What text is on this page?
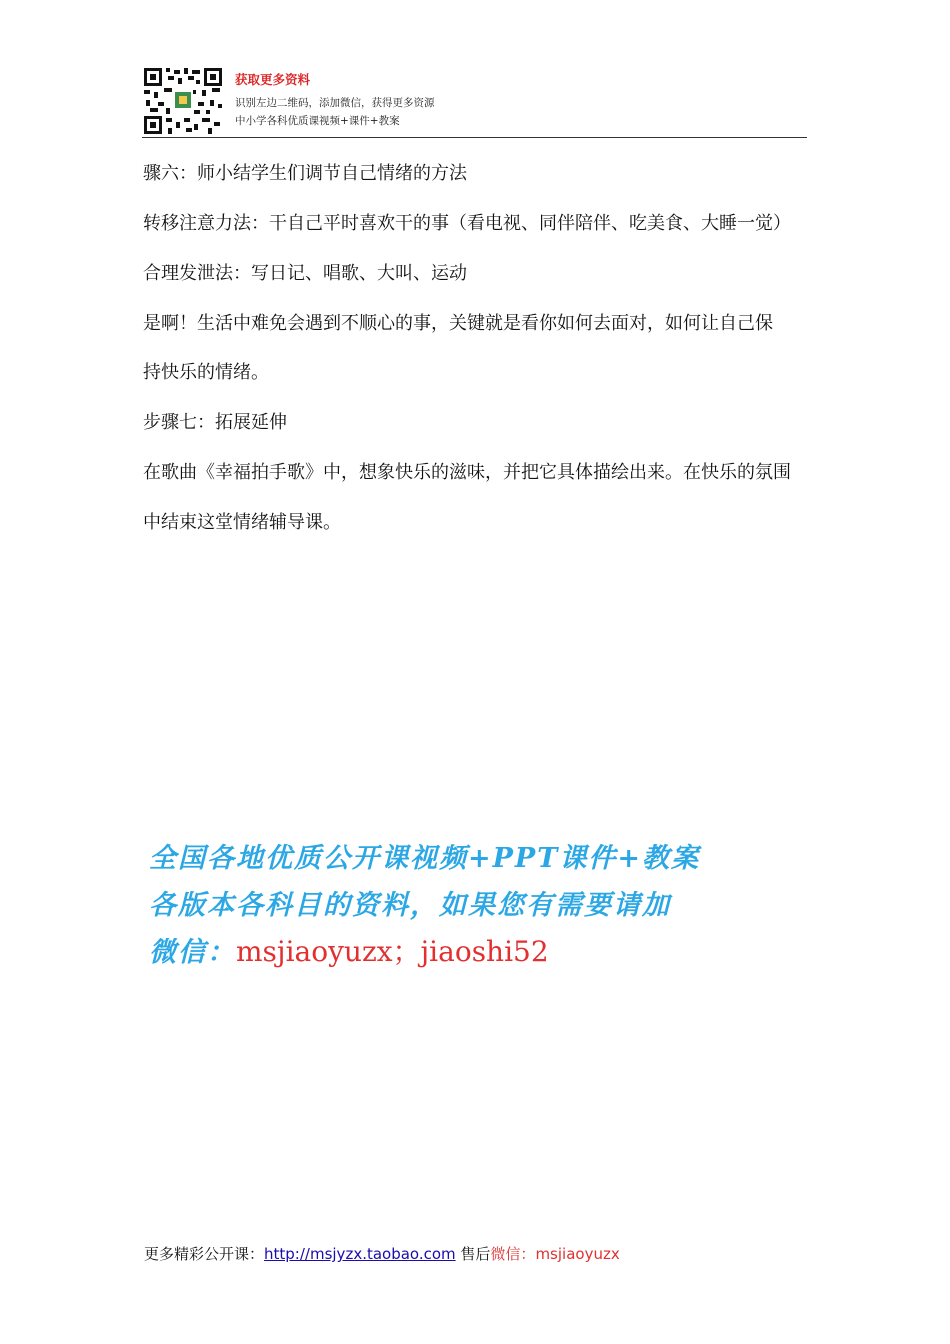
获取更多资料

识别左边二维码，添加微信，获得更多资源

中小学各科优质课视频+课件+教案

骤六：师小结学生们调节自己情绪的方法

转移注意力法：干自己平时喜欢干的事（看电视、同伴陪伴、吃美食、大睡一觉）

合理发泄法：写日记、唱歌、大叫、运动

是啊！生活中难免会遇到不顺心的事，关键就是看你如何去面对，如何让自己保

持快乐的情绪。

步骤七：拓展延伸

在歌曲《幸福拍手歌》中，想象快乐的滋味，并把它具体描绘出来。在快乐的氛围

中结束这堂情绪辅导课。

全国各地优质公开课视频+PPT课件+教案

各版本各科目的资料，如果您有需要请加

微信：msjiaoyuzx；jiaoshi52

更多精彩公开课：http://msjyzx.taobao.com 售后微信：msjiaoyuzx
